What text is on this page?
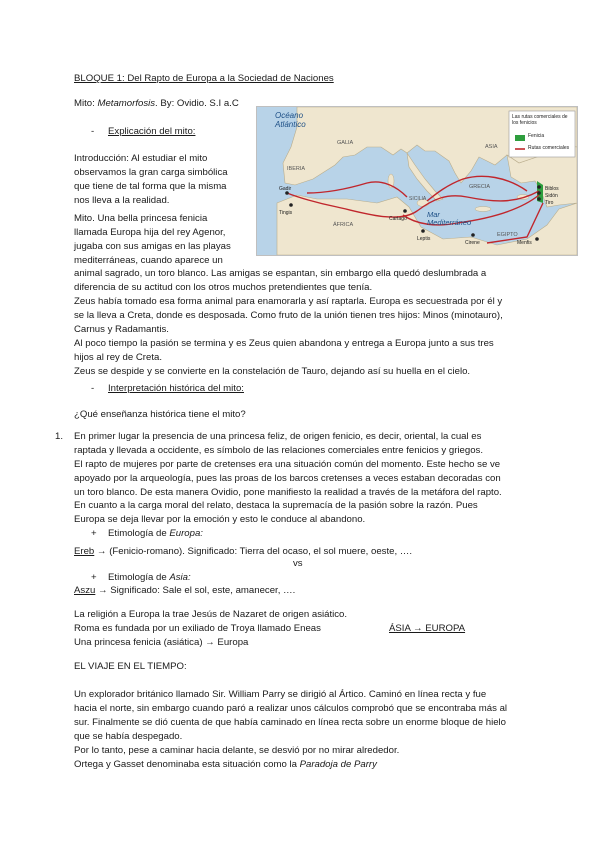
BLOQUE 1: Del Rapto de Europa a la Sociedad de Naciones
Mito: Metamorfosis. By: Ovidio. S.I a.C
- Explicación del mito:
Introducción: Al estudiar el mito
observamos la gran carga simbólica
que tiene de tal forma que la misma
nos lleva a la realidad.
Mito. Una bella princesa fenicia
llamada Europa hija del rey Agenor,
jugaba con sus amigas en las playas
mediterráneas, cuando aparece un
animal sagrado, un toro blanco. Las amigas se espantan, sin embargo ella quedó deslumbrada a
diferencia de su actitud con los otros muchos pretendientes que tenía.
Zeus había tomado esa forma animal para enamorarla y así raptarla. Europa es secuestrada por él y
se la lleva a Creta, donde es desposada. Como fruto de la unión tienen tres hijos: Minos (minotauro),
Carnus y Radamantis.
Al poco tiempo la pasión se termina y es Zeus quien abandona y entrega a Europa junto a sus tres
hijos al rey de Creta.
Zeus se despide y se convierte en la constelación de Tauro, dejando así su huella en el cielo.
- Interpretación histórica del mito:
¿Qué enseñanza histórica tiene el mito?
1. En primer lugar la presencia de una princesa feliz, de origen fenicio, es decir, oriental, la cual es
raptada y llevada a occidente, es símbolo de las relaciones comerciales entre fenicios y griegos.
El rapto de mujeres por parte de cretenses era una situación común del momento. Este hecho se ve
apoyado por la arqueología, pues las proas de los barcos cretenses a veces estaban decoradas con
un toro blanco. De esta manera Ovidio, pone manifiesto la realidad a través de la metáfora del rapto.
En cuanto a la carga moral del relato, destaca la supremacía de la pasión sobre la razón. Pues
Europa se deja llevar por la emoción y esto le conduce al abandono.
+ Etimología de Europa:
Ereb → (Fenicio-romano). Significado: Tierra del ocaso, el sol muere, oeste, ….
vs
+ Etimología de Asia:
Aszu → Significado: Sale el sol, este, amanecer, ….
La religión a Europa la trae Jesús de Nazaret de origen asiático.
Roma es fundada por un exiliado de Troya llamado Eneas	ÁSIA → EUROPA
Una princesa fenicia (asiática) → Europa
EL VIAJE EN EL TIEMPO:
Un explorador británico llamado Sir. William Parry se dirigió al Ártico. Caminó en línea recta y fue
hacia el norte, sin embargo cuando paró a realizar unos cálculos comprobó que se encontraba más al
sur. Finalmente se dió cuenta de que había caminado en línea recta sobre un enorme bloque de hielo
que se había despegado.
Por lo tanto, pese a caminar hacia delante, se desvió por no mirar alrededor.
Ortega y Gasset denominaba esta situación como la Paradoja de Parry
Océano Atlántico
Mar Mediterráneo
Las rutas comerciales de los fenicios
Fenicia
Rutas comerciales
IBERIA
GALIA
ÁFRICA
SICILIA
GRECIA
ASIA
EGIPTO
Gadir
Tingis
Cartago
Biblos
Sidón
Tiro
Leptis
Cirene	Menfis
